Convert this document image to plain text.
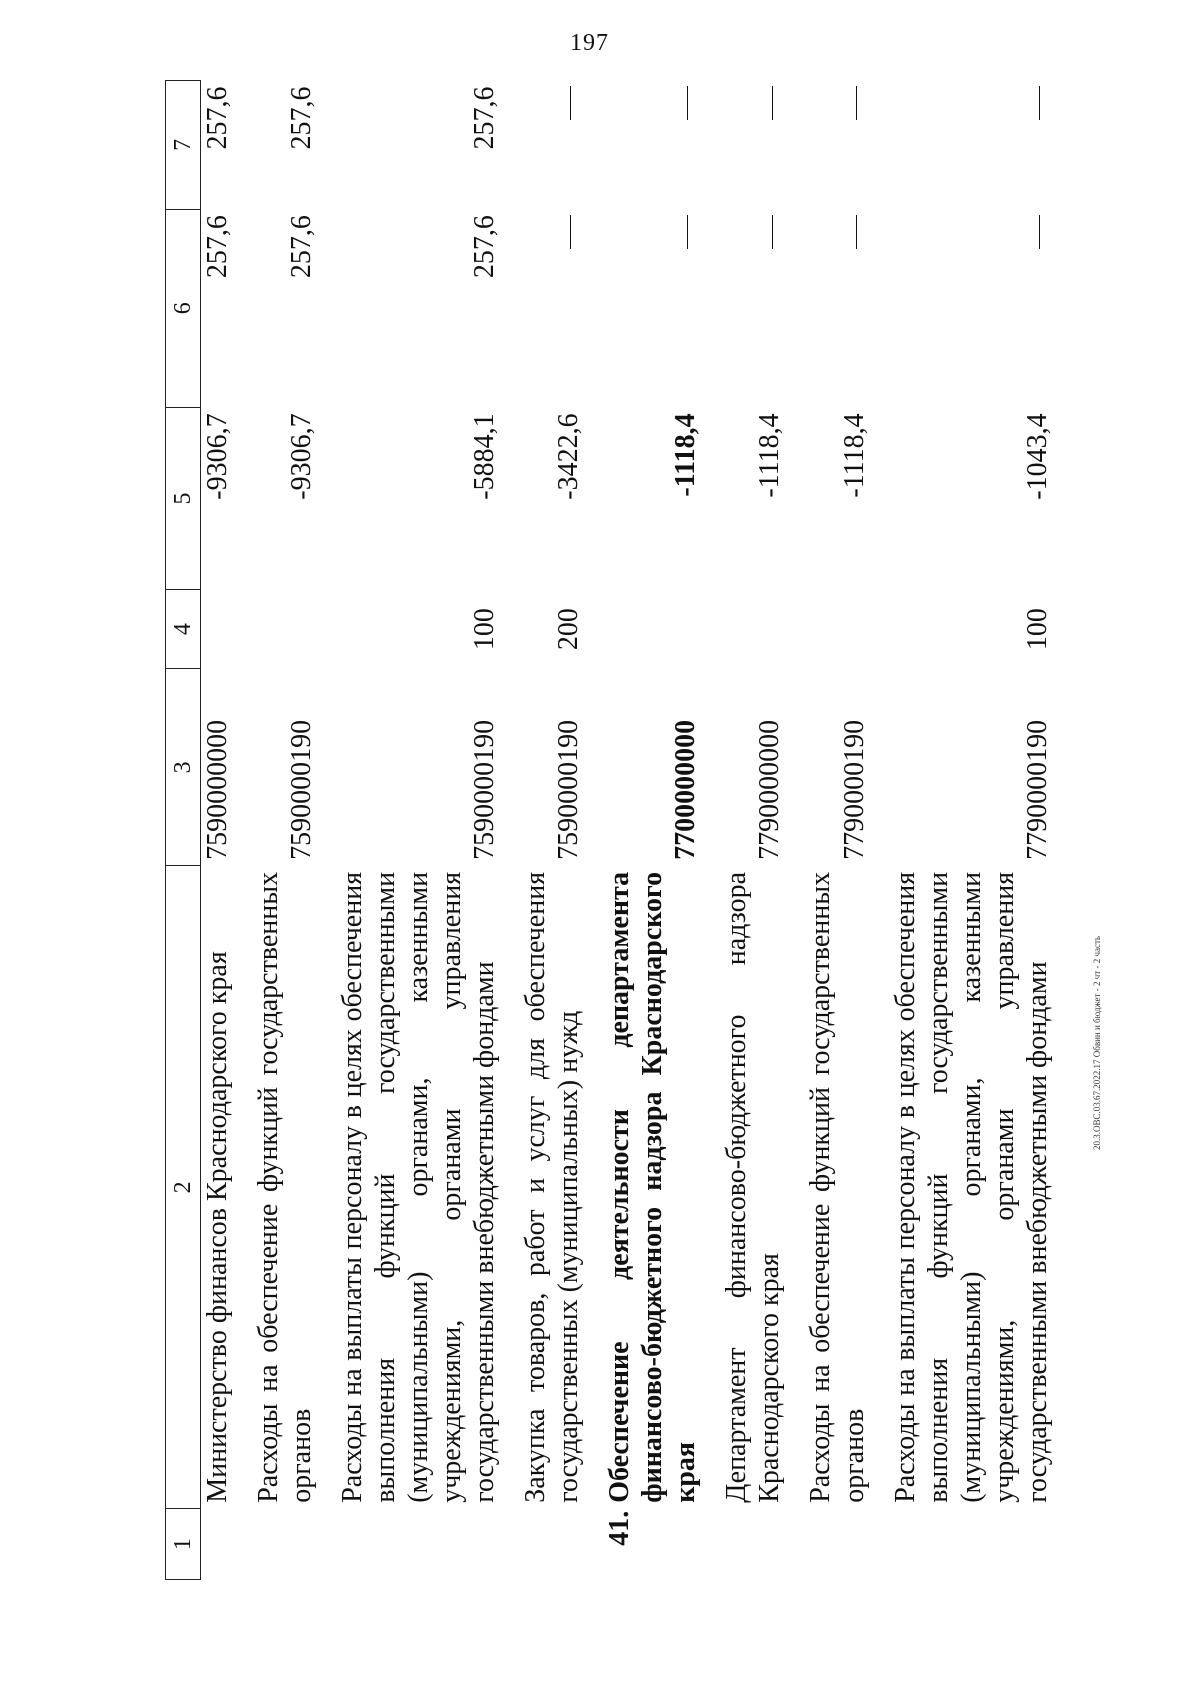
197
1	2	3	4	5	6	7
	Министерство финансов Краснодарского края	7590000000		-9306,7	257,6	257,6
	Расходы на обеспечение функций государственных органов	7590000190		-9306,7	257,6	257,6
	Расходы на выплаты персоналу в целях обеспечения выполнения функций государственными (муниципальными) органами, казенными учреждениями, органами управления государственными внебюджетными фондами	7590000190	100	-5884,1	257,6	257,6
	Закупка товаров, работ и услуг для обеспечения государственных (муниципальных) нужд	7590000190	200	-3422,6		
41.	Обеспечение деятельности департамента финансово-бюджетного надзора Краснодарского края	7700000000		-1118,4		
	Департамент финансово-бюджетного надзора Краснодарского края	7790000000		-1118,4		
	Расходы на обеспечение функций государственных органов	7790000190		-1118,4		
	Расходы на выплаты персоналу в целях обеспечения выполнения функций государственными (муниципальными) органами, казенными учреждениями, органами управления государственными внебюджетными фондами	7790000190	100	-1043,4		
20.3.OBC.03.67.2022.17 Обвин и бюджет - 2 чт - 2 часть
